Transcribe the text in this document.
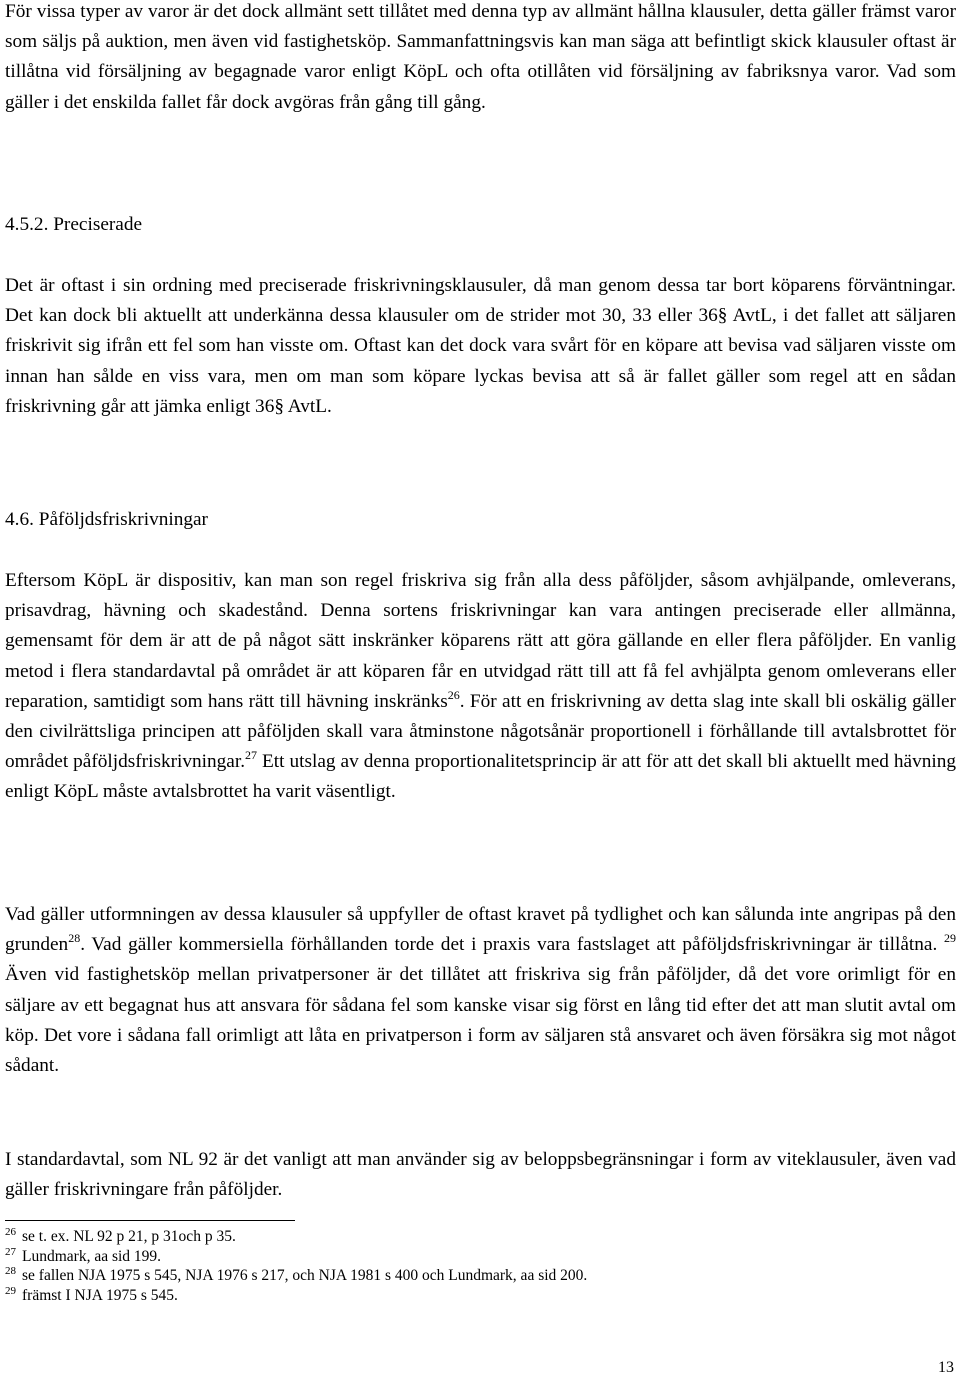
För vissa typer av varor är det dock allmänt sett tillåtet med denna typ av allmänt hållna klausuler, detta gäller främst varor som säljs på auktion, men även vid fastighetsköp. Sammanfattningsvis kan man säga att befintligt skick klausuler oftast är tillåtna vid försäljning av begagnade varor enligt KöpL och ofta otillåten vid försäljning av fabriksnya varor. Vad som gäller i det enskilda fallet får dock avgöras från gång till gång.

4.5.2. Preciserade

Det är oftast i sin ordning med preciserade friskrivningsklausuler, då man genom dessa tar bort köparens förväntningar. Det kan dock bli aktuellt att underkänna dessa klausuler om de strider mot 30, 33 eller 36§ AvtL, i det fallet att säljaren friskrivit sig ifrån ett fel som han visste om. Oftast kan det dock vara svårt för en köpare att bevisa vad säljaren visste om innan han sålde en viss vara, men om man som köpare lyckas bevisa att så är fallet gäller som regel att en sådan friskrivning går att jämka enligt 36§ AvtL.

4.6. Påföljdsfriskrivningar

Eftersom KöpL är dispositiv, kan man son regel friskriva sig från alla dess påföljder, såsom avhjälpande, omleverans, prisavdrag, hävning och skadestånd. Denna sortens friskrivningar kan vara antingen preciserade eller allmänna, gemensamt för dem är att de på något sätt inskränker köparens rätt att göra gällande en eller flera påföljder. En vanlig metod i flera standardavtal på området är att köparen får en utvidgad rätt till att få fel avhjälpta genom omleverans eller reparation, samtidigt som hans rätt till hävning inskränks$^{26}$. För att en friskrivning av detta slag inte skall bli oskälig gäller den civilrättsliga principen att påföljden skall vara åtminstone någotsånär proportionell i förhållande till avtalsbrottet för området påföljdsfriskrivningar.$^{27}$ Ett utslag av denna proportionalitetsprincip är att för att det skall bli aktuellt med hävning enligt KöpL måste avtalsbrottet ha varit väsentligt.

Vad gäller utformningen av dessa klausuler så uppfyller de oftast kravet på tydlighet och kan sålunda inte angripas på den grunden$^{28}$. Vad gäller kommersiella förhållanden torde det i praxis vara fastslaget att påföljdsfriskrivningar är tillåtna. $^{29}$ Även vid fastighetsköp mellan privatpersoner är det tillåtet att friskriva sig från påföljder, då det vore orimligt för en säljare av ett begagnat hus att ansvara för sådana fel som kanske visar sig först en lång tid efter det att man slutit avtal om köp. Det vore i sådana fall orimligt att låta en privatperson i form av säljaren stå ansvaret och även försäkra sig mot något sådant.

I standardavtal, som NL 92 är det vanligt att man använder sig av beloppsbegränsningar i form av viteklausuler, även vad gäller friskrivningare från påföljder.

$^{26}$ se t. ex. NL 92 p 21, p 31och p 35.
$^{27}$ Lundmark, aa sid 199.
$^{28}$ se fallen NJA 1975 s 545, NJA 1976 s 217, och NJA 1981 s 400 och Lundmark, aa sid 200.
$^{29}$ främst I NJA 1975 s 545.
13
